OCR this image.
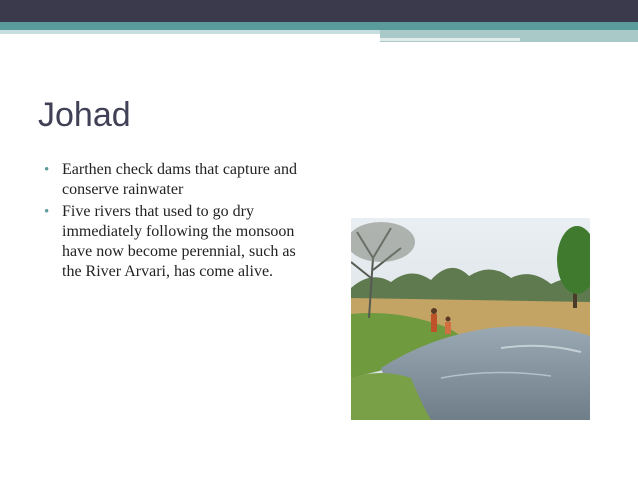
Johad
• Earthen check dams that capture and conserve rainwater
• Five rivers that used to go dry immediately following the monsoon have now become perennial, such as the River Arvari, has come alive.
